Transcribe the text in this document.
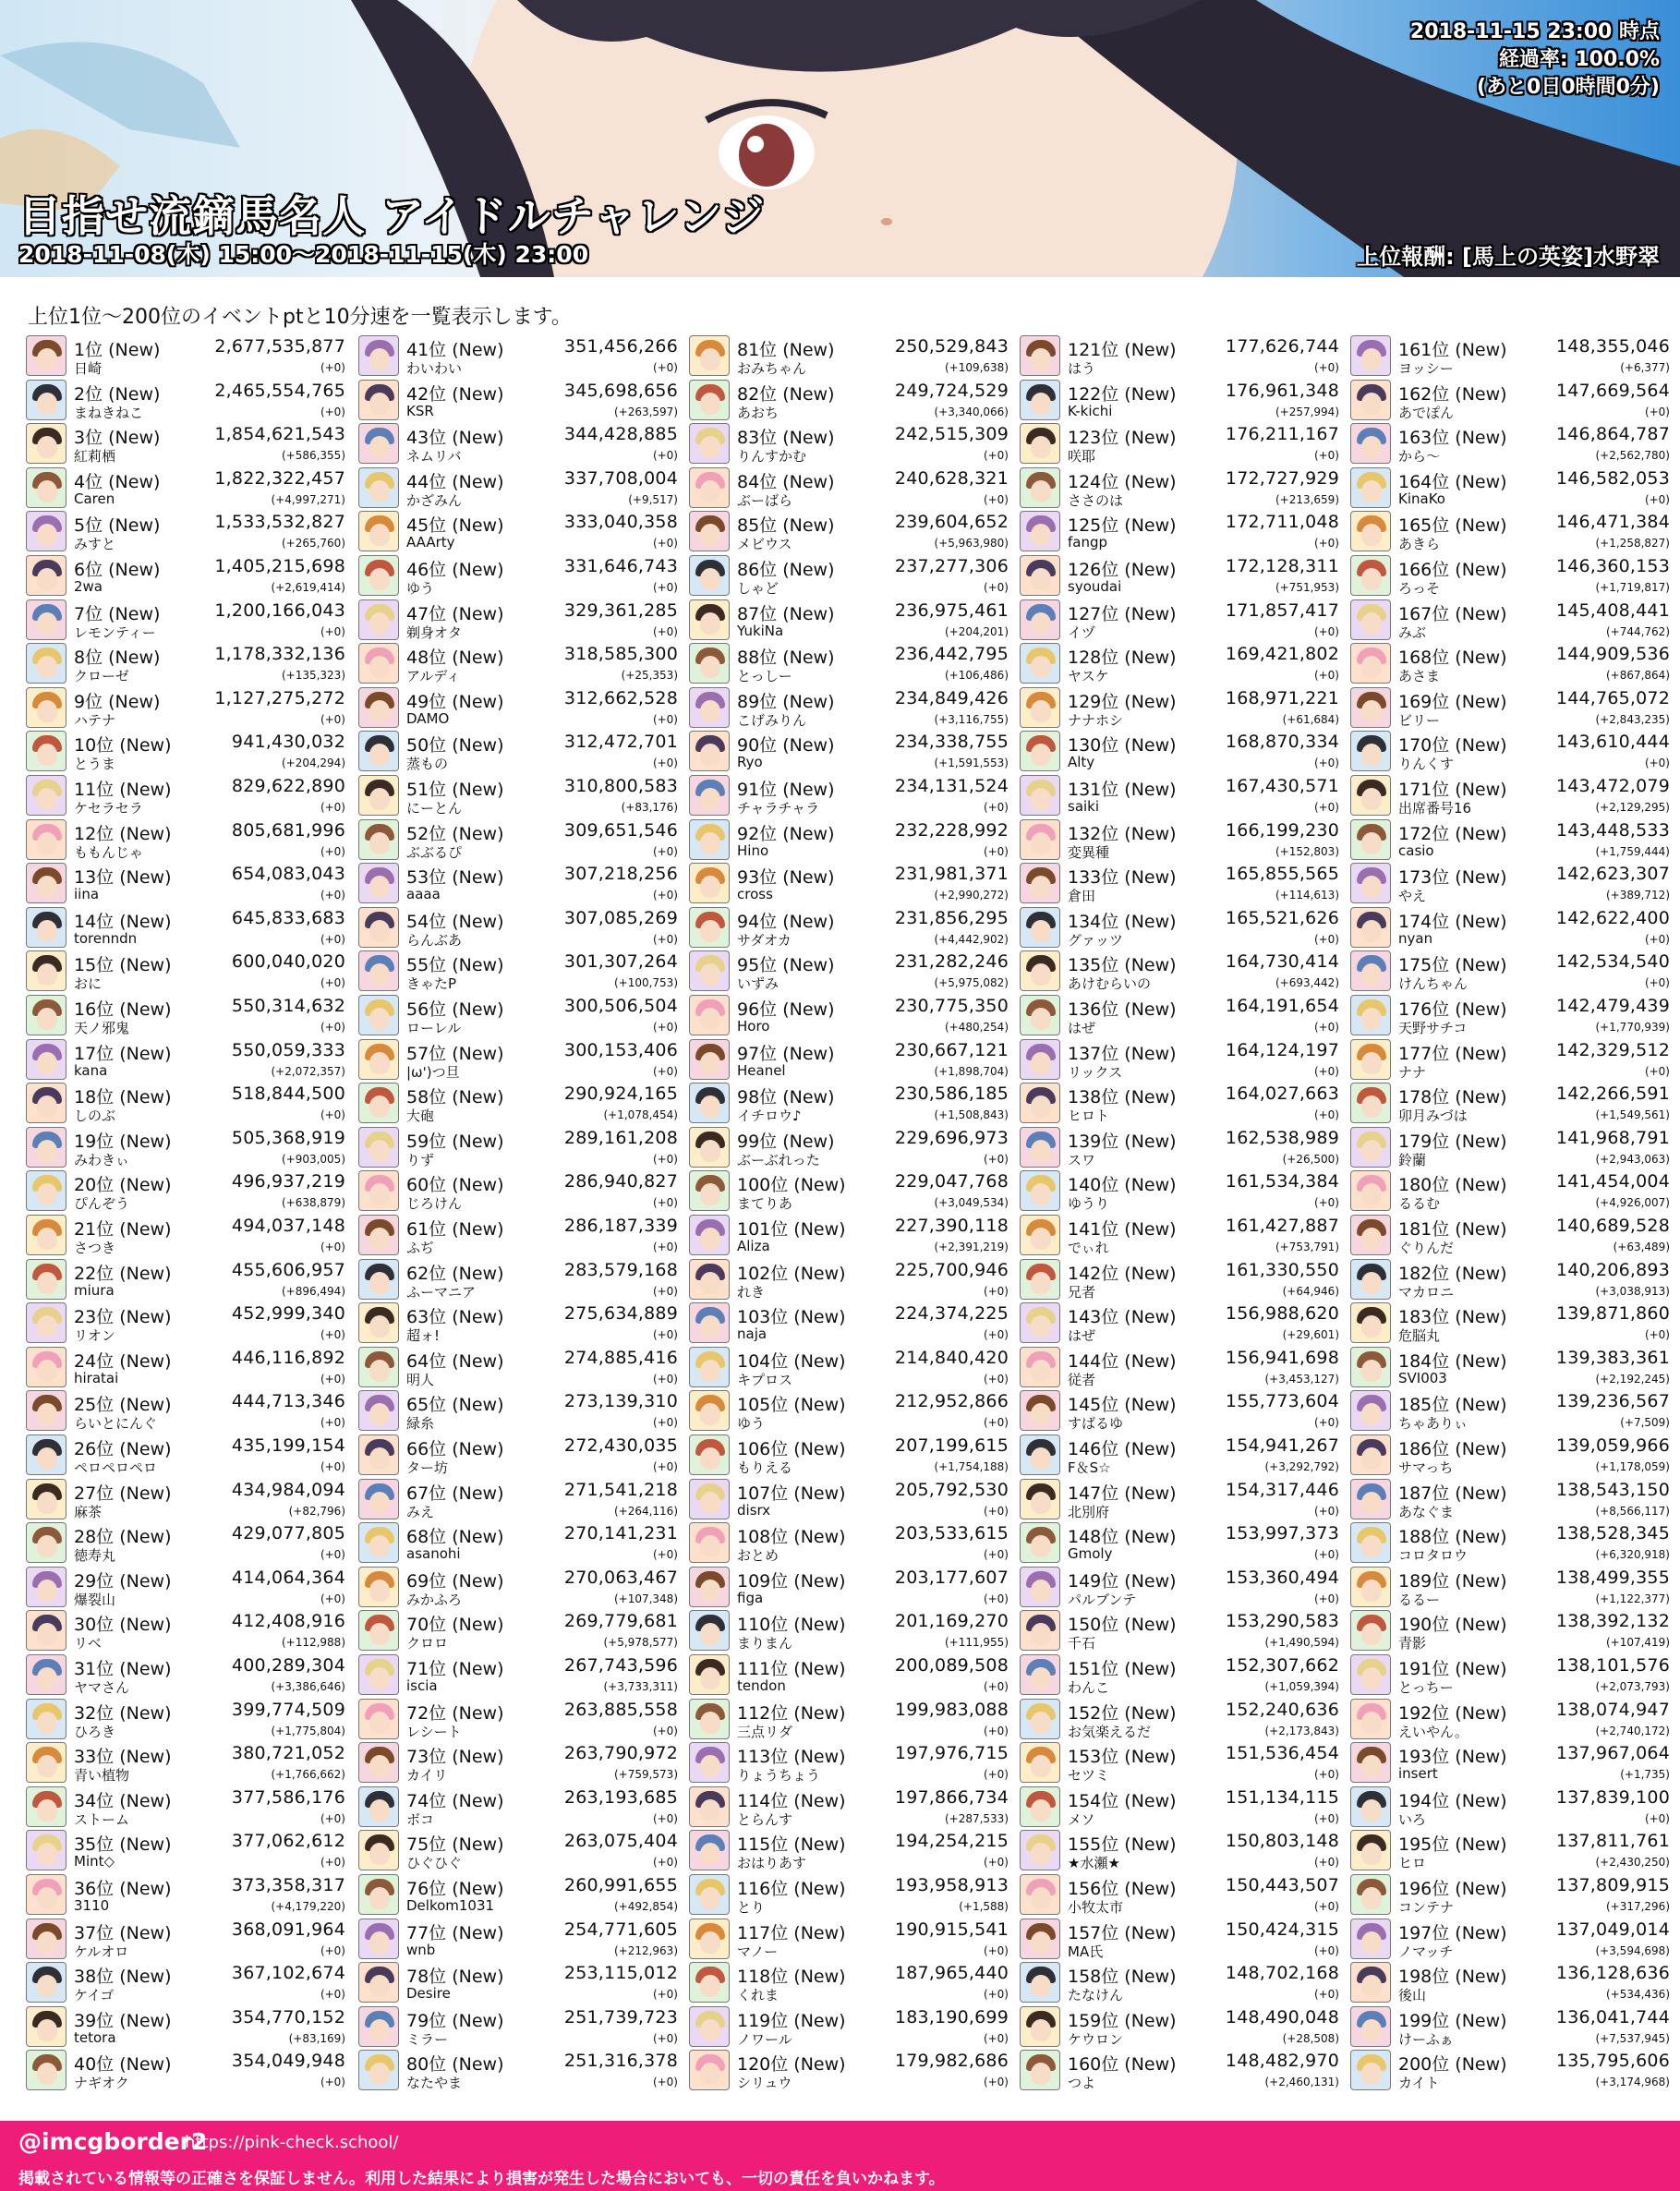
目指せ流鏑馬名人 アイドルチャレンジ
2018-11-08(木) 15:00〜2018-11-15(木) 23:00	上位報酬: [馬上の英姿]水野翠
2018-11-15 23:00 時点
経過率: 100.0%
(あと0日0時間0分)
上位1位〜200位のイベントptと10分速を一覧表示します。
1位 (New)
日崎
2,677,535,877
(+0)
2位 (New)
まねきねこ
2,465,554,765
(+0)
3位 (New)
紅莉栖
1,854,621,543
(+586,355)
4位 (New)
Caren
1,822,322,457
(+4,997,271)
5位 (New)
みすと
1,533,532,827
(+265,760)
6位 (New)
2wa
1,405,215,698
(+2,619,414)
7位 (New)
レモンティー
1,200,166,043
(+0)
8位 (New)
クローゼ
1,178,332,136
(+135,323)
9位 (New)
ハテナ
1,127,275,272
(+0)
10位 (New)
とうま
941,430,032
(+204,294)
11位 (New)
ケセラセラ
829,622,890
(+0)
12位 (New)
ももんじゃ
805,681,996
(+0)
13位 (New)
iina
654,083,043
(+0)
14位 (New)
torenndn
645,833,683
(+0)
15位 (New)
おに
600,040,020
(+0)
16位 (New)
天ノ邪鬼
550,314,632
(+0)
17位 (New)
kana
550,059,333
(+2,072,357)
18位 (New)
しのぶ
518,844,500
(+0)
19位 (New)
みわきぃ
505,368,919
(+903,005)
20位 (New)
ぴんぞう
496,937,219
(+638,879)
21位 (New)
さつき
494,037,148
(+0)
22位 (New)
miura
455,606,957
(+896,494)
23位 (New)
リオン
452,999,340
(+0)
24位 (New)
hiratai
446,116,892
(+0)
25位 (New)
らいとにんぐ
444,713,346
(+0)
26位 (New)
ペロペロペロ
435,199,154
(+0)
27位 (New)
麻茶
434,984,094
(+82,796)
28位 (New)
徳寿丸
429,077,805
(+0)
29位 (New)
爆裂山
414,064,364
(+0)
30位 (New)
リベ
412,408,916
(+112,988)
31位 (New)
ヤマさん
400,289,304
(+3,386,646)
32位 (New)
ひろき
399,774,509
(+1,775,804)
33位 (New)
青い植物
380,721,052
(+1,766,662)
34位 (New)
ストーム
377,586,176
(+0)
35位 (New)
Mint◇
377,062,612
(+0)
36位 (New)
3110
373,358,317
(+4,179,220)
37位 (New)
ケルオロ
368,091,964
(+0)
38位 (New)
ケイゴ
367,102,674
(+0)
39位 (New)
tetora
354,770,152
(+83,169)
40位 (New)
ナギオク
354,049,948
(+0)
41位 (New)
わいわい
351,456,266
(+0)
42位 (New)
KSR
345,698,656
(+263,597)
43位 (New)
ネムリバ
344,428,885
(+0)
44位 (New)
かざみん
337,708,004
(+9,517)
45位 (New)
AAArty
333,040,358
(+0)
46位 (New)
ゆう
331,646,743
(+0)
47位 (New)
剃身オタ
329,361,285
(+0)
48位 (New)
アルディ
318,585,300
(+25,353)
49位 (New)
DAMO
312,662,528
(+0)
50位 (New)
蒸もの
312,472,701
(+0)
51位 (New)
にーとん
310,800,583
(+83,176)
52位 (New)
ぶぶるぴ
309,651,546
(+0)
53位 (New)
aaaa
307,218,256
(+0)
54位 (New)
らんぶあ
307,085,269
(+0)
55位 (New)
きゃたP
301,307,264
(+100,753)
56位 (New)
ローレル
300,506,504
(+0)
57位 (New)
|ω')つ旦
300,153,406
(+0)
58位 (New)
大砲
290,924,165
(+1,078,454)
59位 (New)
りず
289,161,208
(+0)
60位 (New)
じろけん
286,940,827
(+0)
61位 (New)
ふぢ
286,187,339
(+0)
62位 (New)
ふーマニア
283,579,168
(+0)
63位 (New)
超ォ!
275,634,889
(+0)
64位 (New)
明人
274,885,416
(+0)
65位 (New)
緑糸
273,139,310
(+0)
66位 (New)
ター坊
272,430,035
(+0)
67位 (New)
みえ
271,541,218
(+264,116)
68位 (New)
asanohi
270,141,231
(+0)
69位 (New)
みかふろ
270,063,467
(+107,348)
70位 (New)
クロロ
269,779,681
(+5,978,577)
71位 (New)
iscia
267,743,596
(+3,733,311)
72位 (New)
レシート
263,885,558
(+0)
73位 (New)
カイリ
263,790,972
(+759,573)
74位 (New)
ボコ
263,193,685
(+0)
75位 (New)
ひぐひぐ
263,075,404
(+0)
76位 (New)
Delkom1031
260,991,655
(+492,854)
77位 (New)
wnb
254,771,605
(+212,963)
78位 (New)
Desire
253,115,012
(+0)
79位 (New)
ミラー
251,739,723
(+0)
80位 (New)
なたやま
251,316,378
(+0)
81位 (New)
おみちゃん
250,529,843
(+109,638)
82位 (New)
あおち
249,724,529
(+3,340,066)
83位 (New)
りんすかむ
242,515,309
(+0)
84位 (New)
ぶーばら
240,628,321
(+0)
85位 (New)
メビウス
239,604,652
(+5,963,980)
86位 (New)
しゃど
237,277,306
(+0)
87位 (New)
YukiNa
236,975,461
(+204,201)
88位 (New)
とっしー
236,442,795
(+106,486)
89位 (New)
こげみりん
234,849,426
(+3,116,755)
90位 (New)
Ryo
234,338,755
(+1,591,553)
91位 (New)
チャラチャラ
234,131,524
(+0)
92位 (New)
Hino
232,228,992
(+0)
93位 (New)
cross
231,981,371
(+2,990,272)
94位 (New)
サダオカ
231,856,295
(+4,442,902)
95位 (New)
いずみ
231,282,246
(+5,975,082)
96位 (New)
Horo
230,775,350
(+480,254)
97位 (New)
Heanel
230,667,121
(+1,898,704)
98位 (New)
イチロウ♪
230,586,185
(+1,508,843)
99位 (New)
ぶーぶれった
229,696,973
(+0)
100位 (New)
まてりあ
229,047,768
(+3,049,534)
101位 (New)
Aliza
227,390,118
(+2,391,219)
102位 (New)
れき
225,700,946
(+0)
103位 (New)
naja
224,374,225
(+0)
104位 (New)
キプロス
214,840,420
(+0)
105位 (New)
ゆう
212,952,866
(+0)
106位 (New)
もりえる
207,199,615
(+1,754,188)
107位 (New)
disrx
205,792,530
(+0)
108位 (New)
おとめ
203,533,615
(+0)
109位 (New)
figa
203,177,607
(+0)
110位 (New)
まりまん
201,169,270
(+111,955)
111位 (New)
tendon
200,089,508
(+0)
112位 (New)
三点リダ
199,983,088
(+0)
113位 (New)
りょうちょう
197,976,715
(+0)
114位 (New)
とらんす
197,866,734
(+287,533)
115位 (New)
おはりあす
194,254,215
(+0)
116位 (New)
とり
193,958,913
(+1,588)
117位 (New)
マノー
190,915,541
(+0)
118位 (New)
くれま
187,965,440
(+0)
119位 (New)
ノワール
183,190,699
(+0)
120位 (New)
シリュウ
179,982,686
(+0)
121位 (New)
はう
177,626,744
(+0)
122位 (New)
K-kichi
176,961,348
(+257,994)
123位 (New)
咲耶
176,211,167
(+0)
124位 (New)
ささのは
172,727,929
(+213,659)
125位 (New)
fangp
172,711,048
(+0)
126位 (New)
syoudai
172,128,311
(+751,953)
127位 (New)
イヅ
171,857,417
(+0)
128位 (New)
ヤスケ
169,421,802
(+0)
129位 (New)
ナナホシ
168,971,221
(+61,684)
130位 (New)
Alty
168,870,334
(+0)
131位 (New)
saiki
167,430,571
(+0)
132位 (New)
変異種
166,199,230
(+152,803)
133位 (New)
倉田
165,855,565
(+114,613)
134位 (New)
グァッツ
165,521,626
(+0)
135位 (New)
あけむらいの
164,730,414
(+693,442)
136位 (New)
はぜ
164,191,654
(+0)
137位 (New)
リックス
164,124,197
(+0)
138位 (New)
ヒロト
164,027,663
(+0)
139位 (New)
スワ
162,538,989
(+26,500)
140位 (New)
ゆうり
161,534,384
(+0)
141位 (New)
でぃれ
161,427,887
(+753,791)
142位 (New)
兄者
161,330,550
(+64,946)
143位 (New)
はぜ
156,988,620
(+29,601)
144位 (New)
従者
156,941,698
(+3,453,127)
145位 (New)
すばるゆ
155,773,604
(+0)
146位 (New)
F＆S☆
154,941,267
(+3,292,792)
147位 (New)
北別府
154,317,446
(+0)
148位 (New)
Gmoly
153,997,373
(+0)
149位 (New)
パルブンテ
153,360,494
(+0)
150位 (New)
千石
153,290,583
(+1,490,594)
151位 (New)
わんこ
152,307,662
(+1,059,394)
152位 (New)
お気楽えるだ
152,240,636
(+2,173,843)
153位 (New)
セツミ
151,536,454
(+0)
154位 (New)
メソ
151,134,115
(+0)
155位 (New)
★水瀬★
150,803,148
(+0)
156位 (New)
小牧太市
150,443,507
(+0)
157位 (New)
MA氏
150,424,315
(+0)
158位 (New)
たなけん
148,702,168
(+0)
159位 (New)
ケウロン
148,490,048
(+28,508)
160位 (New)
つよ
148,482,970
(+2,460,131)
161位 (New)
ヨッシー
148,355,046
(+6,377)
162位 (New)
あでぽん
147,669,564
(+0)
163位 (New)
から〜
146,864,787
(+2,562,780)
164位 (New)
KinaKo
146,582,053
(+0)
165位 (New)
あきら
146,471,384
(+1,258,827)
166位 (New)
ろっそ
146,360,153
(+1,719,817)
167位 (New)
みぶ
145,408,441
(+744,762)
168位 (New)
あさま
144,909,536
(+867,864)
169位 (New)
ビリー
144,765,072
(+2,843,235)
170位 (New)
りんくす
143,610,444
(+0)
171位 (New)
出席番号16
143,472,079
(+2,129,295)
172位 (New)
casio
143,448,533
(+1,759,444)
173位 (New)
やえ
142,623,307
(+389,712)
174位 (New)
nyan
142,622,400
(+0)
175位 (New)
けんちゃん
142,534,540
(+0)
176位 (New)
天野サチコ
142,479,439
(+1,770,939)
177位 (New)
ナナ
142,329,512
(+0)
178位 (New)
卯月みづは
142,266,591
(+1,549,561)
179位 (New)
鈴蘭
141,968,791
(+2,943,063)
180位 (New)
るるむ
141,454,004
(+4,926,007)
181位 (New)
ぐりんだ
140,689,528
(+63,489)
182位 (New)
マカロニ
140,206,893
(+3,038,913)
183位 (New)
危脳丸
139,871,860
(+0)
184位 (New)
SVI003
139,383,361
(+2,192,245)
185位 (New)
ちゃありぃ
139,236,567
(+7,509)
186位 (New)
サマっち
139,059,966
(+1,178,059)
187位 (New)
あなぐま
138,543,150
(+8,566,117)
188位 (New)
コロタロウ
138,528,345
(+6,320,918)
189位 (New)
るるー
138,499,355
(+1,122,377)
190位 (New)
青影
138,392,132
(+107,419)
191位 (New)
とっちー
138,101,576
(+2,073,793)
192位 (New)
えいやん。
138,074,947
(+2,740,172)
193位 (New)
insert
137,967,064
(+1,735)
194位 (New)
いろ
137,839,100
(+0)
195位 (New)
ヒロ
137,811,761
(+2,430,250)
196位 (New)
コンテナ
137,809,915
(+317,296)
197位 (New)
ノマッチ
137,049,014
(+3,594,698)
198位 (New)
後山
136,128,636
(+534,436)
199位 (New)
けーふぁ
136,041,744
(+7,537,945)
200位 (New)
カイト
135,795,606
(+3,174,968)
@imcgborder2
https://pink-check.school/
掲載されている情報等の正確さを保証しません。利用した結果により損害が発生した場合においても、一切の責任を負いかねます。
